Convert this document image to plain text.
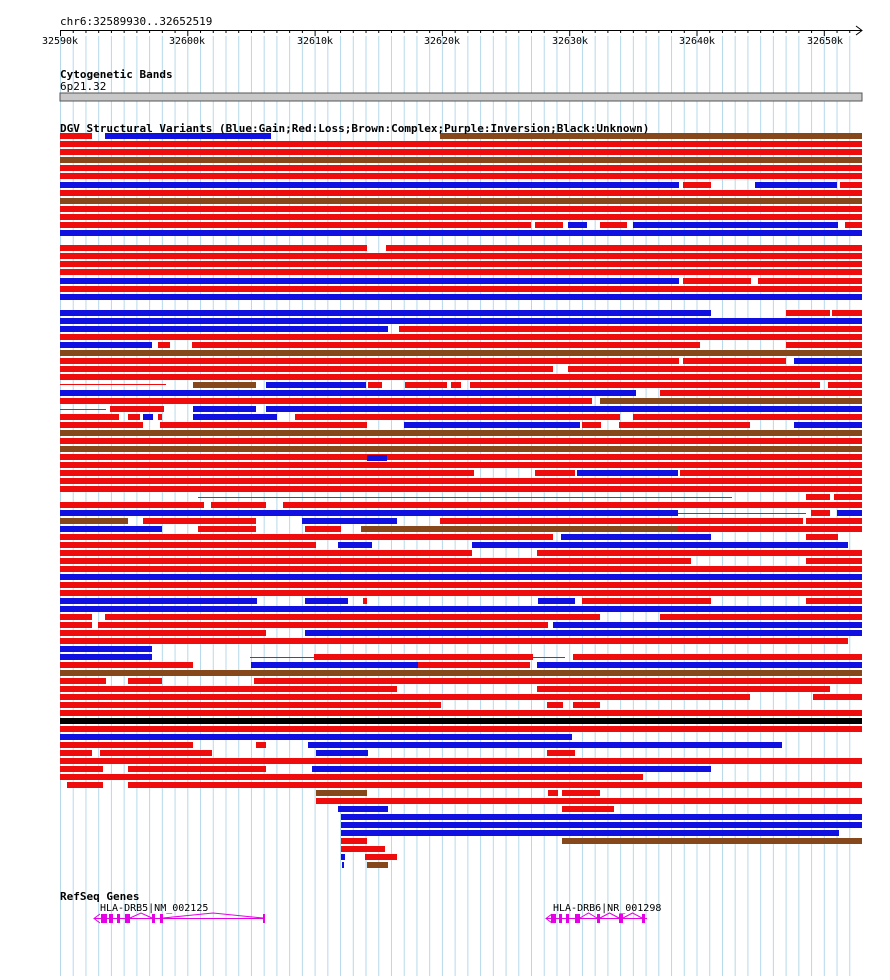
32590k	32600k	32610k	32620k	32630k	32640k	32650k
chr6:32589930..32652519
Cytogenetic Bands
6p21.32
DGV Structural Variants (Blue:Gain;Red:Loss;Brown:Complex;Purple:Inversion;Black:Unknown)
RefSeq Genes
HLA-DRB5|NM_002125	HLA-DRB6|NR_001298
